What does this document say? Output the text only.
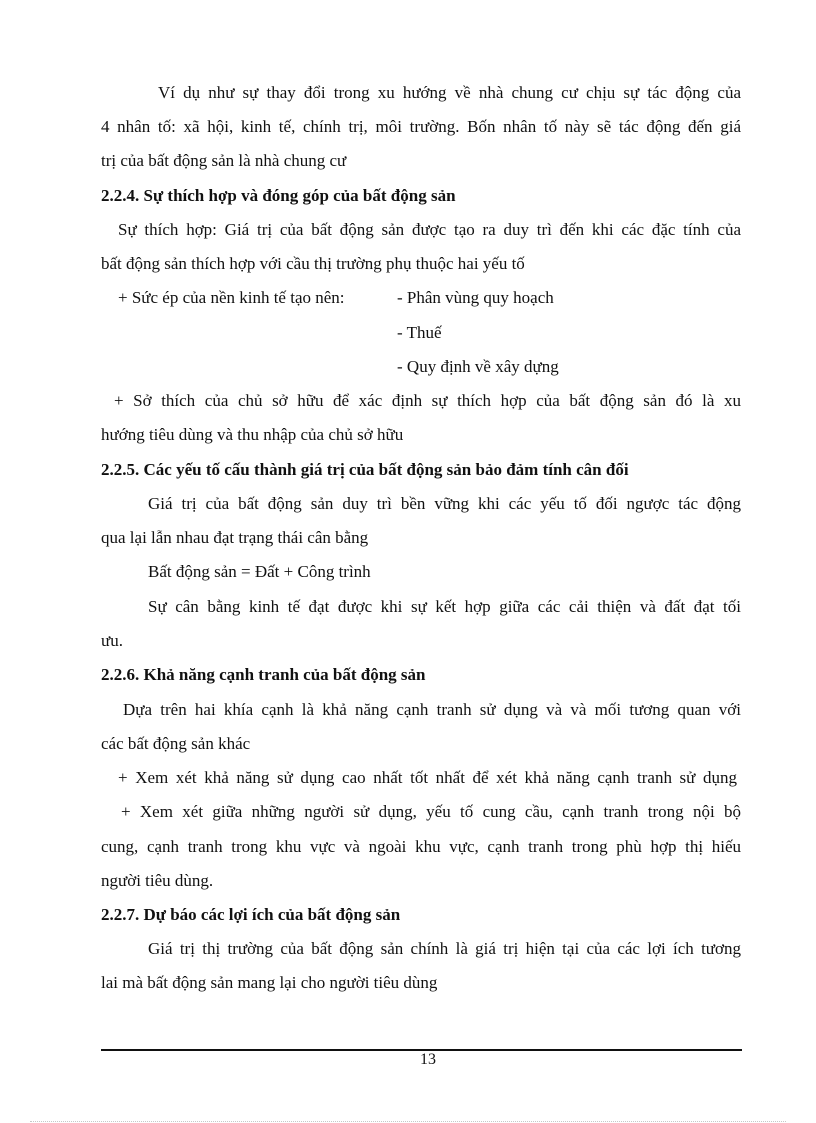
Ví dụ như sự thay đổi trong xu hướng về nhà chung cư chịu sự tác động của
4 nhân tố: xã hội, kinh tế, chính trị, môi trường. Bốn nhân tố này sẽ tác động đến giá
trị của bất động sản là nhà chung cư
2.2.4. Sự thích hợp và đóng góp của bất động sản
Sự thích hợp: Giá trị của bất động sản được tạo ra duy trì đến khi các đặc tính của
bất động sản thích hợp với cầu thị trường phụ thuộc hai yếu tố
+ Sức ép của nền kinh tế tạo nên:	- Phân vùng quy hoạch
- Thuế
- Quy định về xây dựng
+ Sở thích của chủ sở hữu để xác định sự thích hợp của bất động sản đó là xu
hướng tiêu dùng và thu nhập của chủ sở hữu
2.2.5. Các yếu tố cấu thành giá trị của bất động sản bảo đảm tính cân đối
Giá trị của bất động sản duy trì bền vững khi các yếu tố đối ngược tác động
qua lại lẫn nhau đạt trạng thái cân bằng
Bất động sản = Đất + Công trình
Sự cân bằng kinh tế đạt được khi sự kết hợp giữa các cải thiện và đất đạt tối
ưu.
2.2.6. Khả năng cạnh tranh của bất động sản
Dựa trên hai khía cạnh là khả năng cạnh tranh sử dụng và và mối tương quan với
các bất động sản khác
+ Xem xét khả năng sử dụng cao nhất tốt nhất để xét khả năng cạnh tranh sử dụng
+ Xem xét giữa những người sử dụng, yếu tố cung cầu, cạnh tranh trong nội bộ
cung, cạnh tranh trong khu vực và ngoài khu vực, cạnh tranh trong phù hợp thị hiếu
người tiêu dùng.
2.2.7. Dự báo các lợi ích của bất động sản
Giá trị thị trường của bất động sản chính là giá trị hiện tại của các lợi ích tương
lai mà bất động sản mang lại cho người tiêu dùng
13
